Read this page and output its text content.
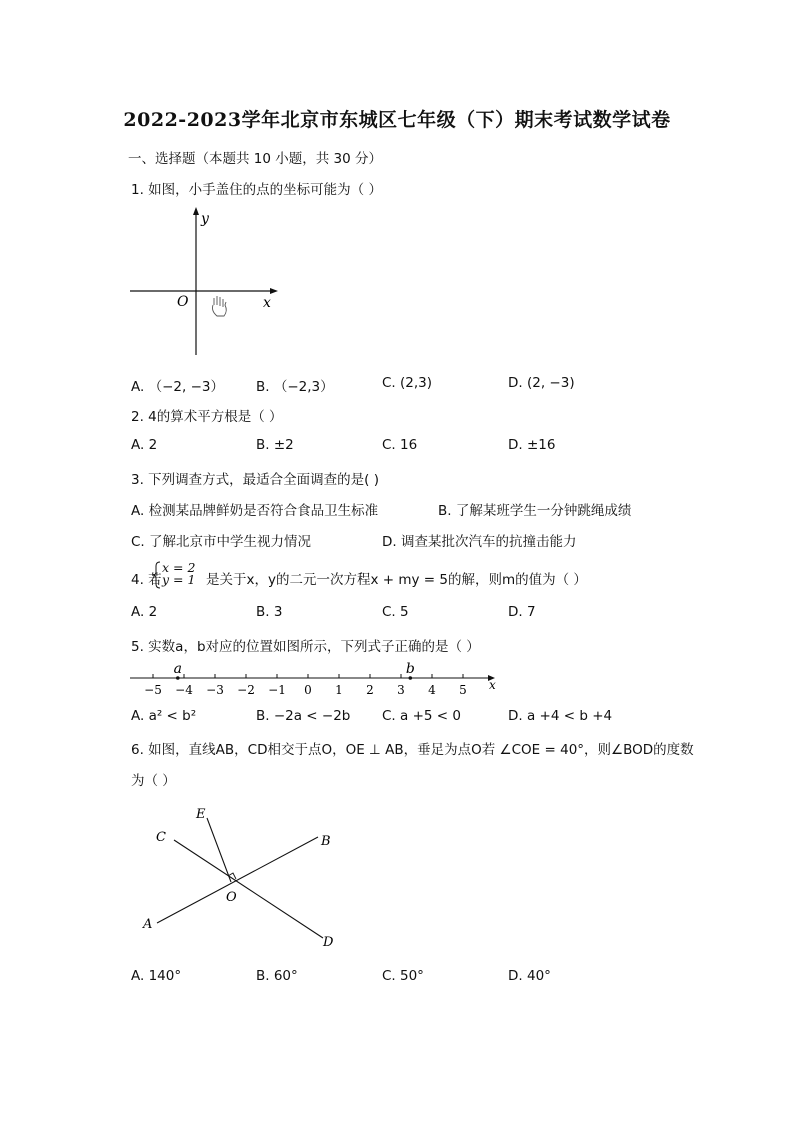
2022-2023学年北京市东城区七年级（下）期末考试数学试卷
一、选择题（本题共 10 小题，共 30 分）
1. 如图，小手盖住的点的坐标可能为（ ）
y
x
O
A. （−2, −3） B. （−2,3）	C. (2,3)	D. (2, −3)
2. 4的算术平方根是（ ）
A. 2	B. ±2	C. 16	D. ±16
3. 下列调查方式，最适合全面调查的是( )
A. 检测某品牌鲜奶是否符合食品卫生标准	B. 了解某班学生一分钟跳绳成绩
C. 了解北京市中学生视力情况	D. 调查某批次汽车的抗撞击能力
4. 若
x = 2
y = 1 是关于x，y的二元一次方程x + my = 5的解，则m的值为（ ）
A. 2	B. 3	C. 5	D. 7
5. 实数a，b对应的位置如图所示，下列式子正确的是（ ）
−5 −4 −3 −2 −1 0 1 2 3 4 5
a	b
x
A. a² < b²	B. −2a < −2b C. a +5 < 0	D. a +4 < b +4
6. 如图，直线AB，CD相交于点O，OE ⊥ AB，垂足为点O若 ∠COE = 40°，则∠BOD的度数
为（ ）
E
C	B
A
O
D
A. 140°	B. 60°	C. 50°	D. 40°
